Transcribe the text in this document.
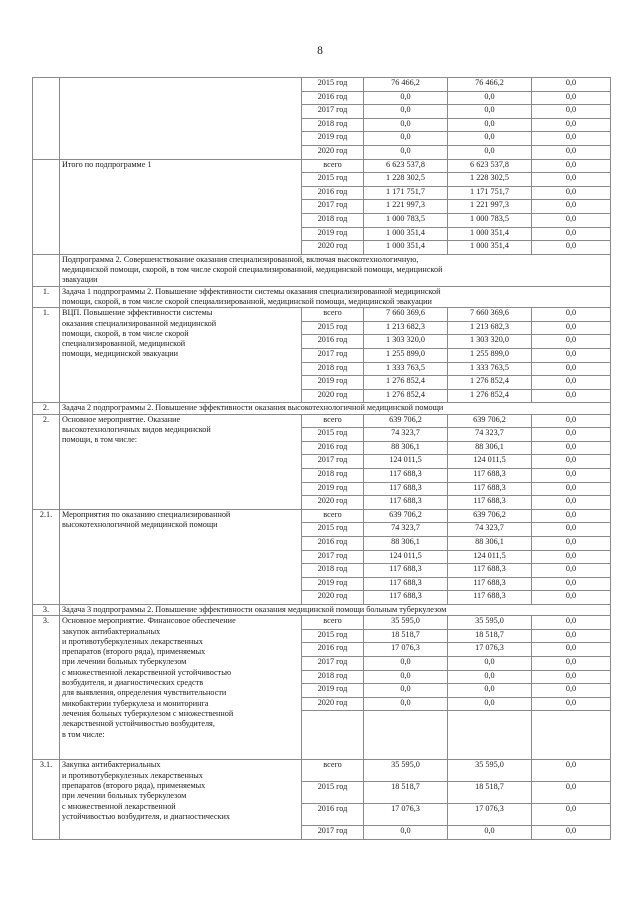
8
		2015 год	76 466,2	76 466,2	0,0
		2016 год	0,0	0,0	0,0
		2017 год	0,0	0,0	0,0
		2018 год	0,0	0,0	0,0
		2019 год	0,0	0,0	0,0
		2020 год	0,0	0,0	0,0

	Итого по подпрограмме 1	всего	6 623 537,8	6 623 537,8	0,0
		2015 год	1 228 302,5	1 228 302,5	0,0
		2016 год	1 171 751,7	1 171 751,7	0,0
		2017 год	1 221 997,3	1 221 997,3	0,0
		2018 год	1 000 783,5	1 000 783,5	0,0
		2019 год	1 000 351,4	1 000 351,4	0,0
		2020 год	1 000 351,4	1 000 351,4	0,0

	Подпрограмма 2. Совершенствование оказания специализированной, включая высокотехнологичную,
медицинской помощи, скорой, в том числе скорой специализированной, медицинской помощи, медицинской
эвакуации				

1.	Задача 1 подпрограммы 2. Повышение эффективности системы оказания специализированной медицинской
помощи, скорой, в том числе скорой специализированной, медицинской помощи, медицинской эвакуации				

1.	ВЦП. Повышение эффективности системы
оказания специализированной медицинской
помощи, скорой, в том числе скорой
специализированной, медицинской
помощи, медицинской эвакуации	всего	7 660 369,6	7 660 369,6	0,0
		2015 год	1 213 682,3	1 213 682,3	0,0
		2016 год	1 303 320,0	1 303 320,0	0,0
		2017 год	1 255 899,0	1 255 899,0	0,0
		2018 год	1 333 763,5	1 333 763,5	0,0
		2019 год	1 276 852,4	1 276 852,4	0,0
		2020 год	1 276 852,4	1 276 852,4	0,0
2.	Задача 2 подпрограммы 2. Повышение эффективности оказания высокотехнологичной медицинской помощи				

2.	Основное мероприятие. Оказание
высокотехнологичных видов медицинской
помощи, в том числе:	всего	639 706,2	639 706,2	0,0
		2015 год	74 323,7	74 323,7	0,0
		2016 год	88 306,1	88 306,1	0,0
		2017 год	124 011,5	124 011,5	0,0
		2018 год	117 688,3	117 688,3	0,0
		2019 год	117 688,3	117 688,3	0,0
		2020 год	117 688,3	117 688,3	0,0
2.1.	Мероприятия по оказанию специализированной
высокотехнологичной медицинской помощи	всего	639 706,2	639 706,2	0,0
		2015 год	74 323,7	74 323,7	0,0
		2016 год	88 306,1	88 306,1	0,0
		2017 год	124 011,5	124 011,5	0,0
		2018 год	117 688,3	117 688,3	0,0
		2019 год	117 688,3	117 688,3	0,0
		2020 год	117 688,3	117 688,3	0,0
3.	Задача 3 подпрограммы 2. Повышение эффективности оказания медицинской помощи больным туберкулезом				

3.	Основное мероприятие. Финансовое обеспечение
закупок антибактериальных
и противотуберкулезных лекарственных
препаратов (второго ряда), применяемых
при лечении больных туберкулезом
с множественной лекарственной устойчивостью
возбудителя, и диагностических средств
для выявления, определения чувствительности
микобактерии туберкулеза и мониторинга
лечения больных туберкулезом с множественной
лекарственной устойчивостью возбудителя,
в том числе:
	всего	35 595,0	35 595,0	0,0
		2015 год	18 518,7	18 518,7	0,0
		2016 год	17 076,3	17 076,3	0,0
		2017 год	0,0	0,0	0,0
		2018 год	0,0	0,0	0,0
		2019 год	0,0	0,0	0,0
		2020 год	0,0	0,0	0,0

3.1.	Закупка антибактериальных
и противотуберкулезных лекарственных
препаратов (второго ряда), применяемых
при лечении больных туберкулезом
с множественной лекарственной
устойчивостью возбудителя, и диагностических
	всего	35 595,0	35 595,0	0,0
		2015 год	18 518,7	18 518,7	0,0
		2016 год	17 076,3	17 076,3	0,0
		2017 год	0,0	0,0	0,0
